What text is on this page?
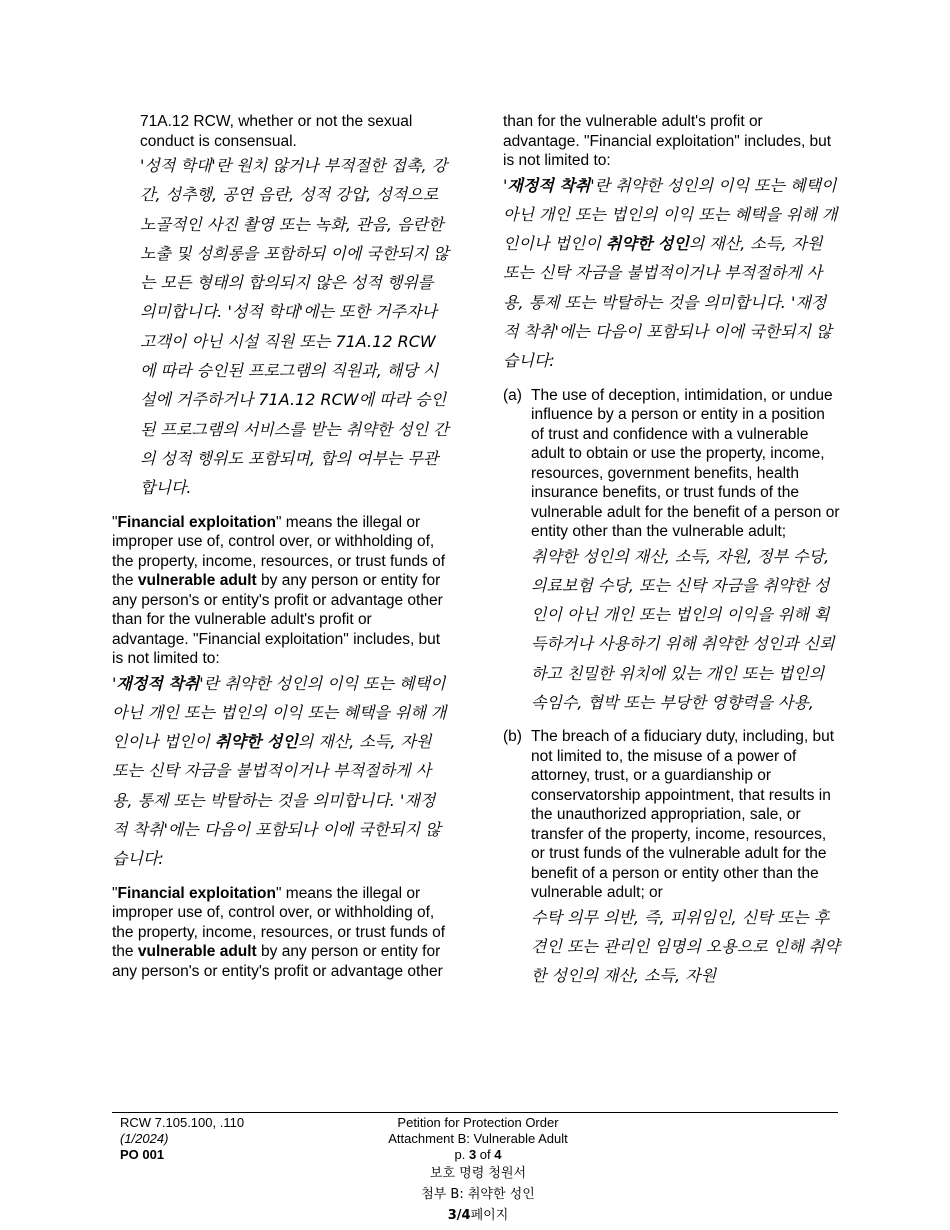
71A.12 RCW, whether or not the sexual conduct is consensual.

'성적 학대'란 원치 않거나 부적절한 접촉, 강간, 성추행, 공연 음란, 성적 강압, 성적으로 노골적인 사진 촬영 또는 녹화, 관음, 음란한 노출 및 성희롱을 포함하되 이에 국한되지 않는 모든 형태의 합의되지 않은 성적 행위를 의미합니다. '성적 학대'에는 또한 거주자나 고객이 아닌 시설 직원 또는 71A.12 RCW에 따라 승인된 프로그램의 직원과, 해당 시설에 거주하거나 71A.12 RCW에 따라 승인된 프로그램의 서비스를 받는 취약한 성인 간의 성적 행위도 포함되며, 합의 여부는 무관합니다.

"Financial exploitation" means the illegal or improper use of, control over, or withholding of, the property, income, resources, or trust funds of the vulnerable adult by any person or entity for any person's or entity's profit or advantage other than for the vulnerable adult's profit or advantage. "Financial exploitation" includes, but is not limited to:

'재정적 착취'란 취약한 성인의 이익 또는 혜택이 아닌 개인 또는 법인의 이익 또는 혜택을 위해 개인이나 법인이 취약한 성인의 재산, 소득, 자원 또는 신탁 자금을 불법적이거나 부적절하게 사용, 통제 또는 박탈하는 것을 의미합니다. '재정적 착취'에는 다음이 포함되나 이에 국한되지 않습니다:

"Financial exploitation" means the illegal or improper use of, control over, or withholding of, the property, income, resources, or trust funds of the vulnerable adult by any person or entity for any person's or entity's profit or advantage other

than for the vulnerable adult's profit or advantage. "Financial exploitation" includes, but is not limited to:

'재정적 착취'란 취약한 성인의 이익 또는 혜택이 아닌 개인 또는 법인의 이익 또는 혜택을 위해 개인이나 법인이 취약한 성인의 재산, 소득, 자원 또는 신탁 자금을 불법적이거나 부적절하게 사용, 통제 또는 박탈하는 것을 의미합니다. '재정적 착취'에는 다음이 포함되나 이에 국한되지 않습니다:

(a) The use of deception, intimidation, or undue influence by a person or entity in a position of trust and confidence with a vulnerable adult to obtain or use the property, income, resources, government benefits, health insurance benefits, or trust funds of the vulnerable adult for the benefit of a person or entity other than the vulnerable adult;

취약한 성인의 재산, 소득, 자원, 정부 수당, 의료보험 수당, 또는 신탁 자금을 취약한 성인이 아닌 개인 또는 법인의 이익을 위해 획득하거나 사용하기 위해 취약한 성인과 신뢰하고 친밀한 위치에 있는 개인 또는 법인의 속임수, 협박 또는 부당한 영향력을 사용,

(b) The breach of a fiduciary duty, including, but not limited to, the misuse of a power of attorney, trust, or a guardianship or conservatorship appointment, that results in the unauthorized appropriation, sale, or transfer of the property, income, resources, or trust funds of the vulnerable adult for the benefit of a person or entity other than the vulnerable adult; or

수탁 의무 의반, 즉, 피위임인, 신탁 또는 후견인 또는 관리인 임명의 오용으로 인해 취약한 성인의 재산, 소득, 자원

RCW 7.105.100, .110
(1/2024)
PO 001
Petition for Protection Order
Attachment B: Vulnerable Adult
p. 3 of 4
보호 명령 청원서
첨부 B: 취약한 성인
3/4페이지
